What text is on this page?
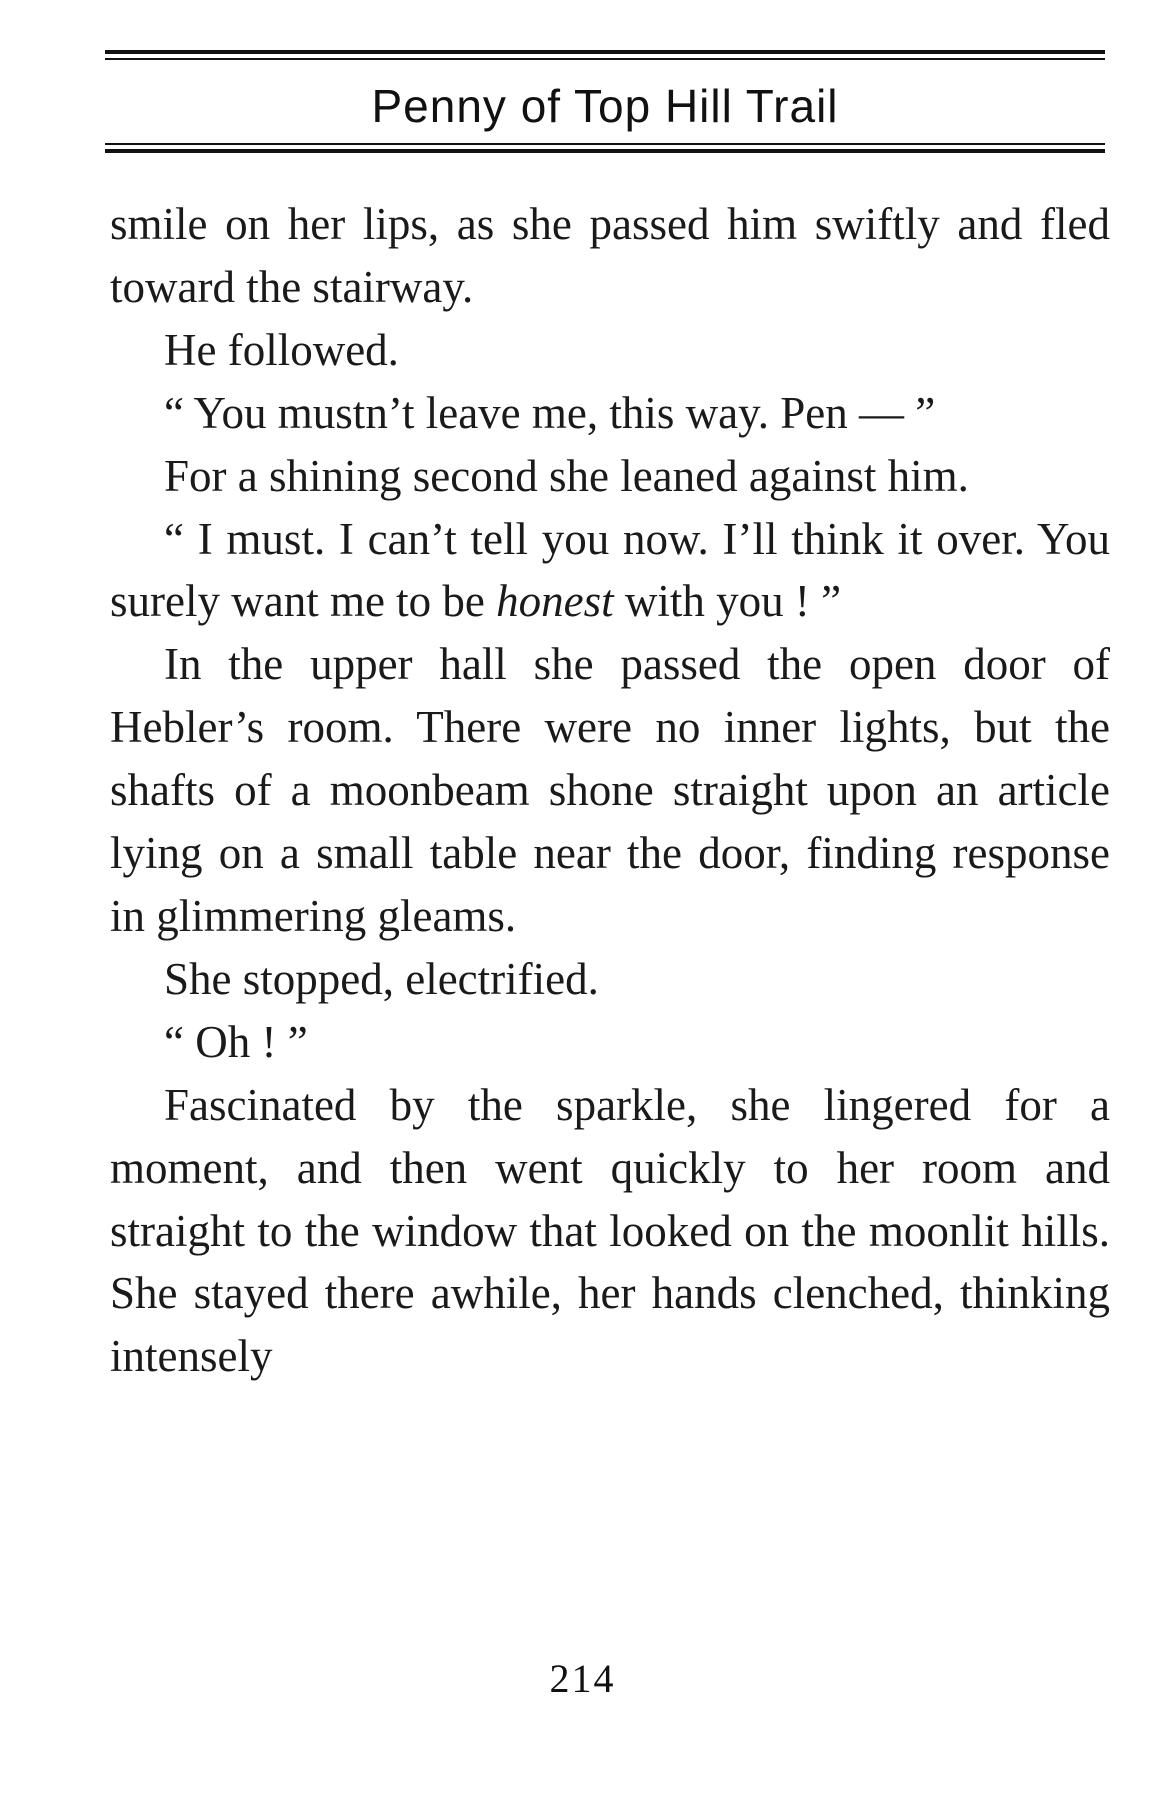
Penny of Top Hill Trail

smile on her lips, as she passed him swiftly and fled toward the stairway.

He followed.

“ You mustn’t leave me, this way. Pen — ”

For a shining second she leaned against him.

“ I must. I can’t tell you now. I’ll think it over. You surely want me to be honest with you ! ”

In the upper hall she passed the open door of Hebler’s room. There were no inner lights, but the shafts of a moonbeam shone straight upon an article lying on a small table near the door, finding response in glimmering gleams.

She stopped, electrified.

“ Oh ! ”

Fascinated by the sparkle, she lingered for a moment, and then went quickly to her room and straight to the window that looked on the moonlit hills. She stayed there awhile, her hands clenched, thinking intensely

214
